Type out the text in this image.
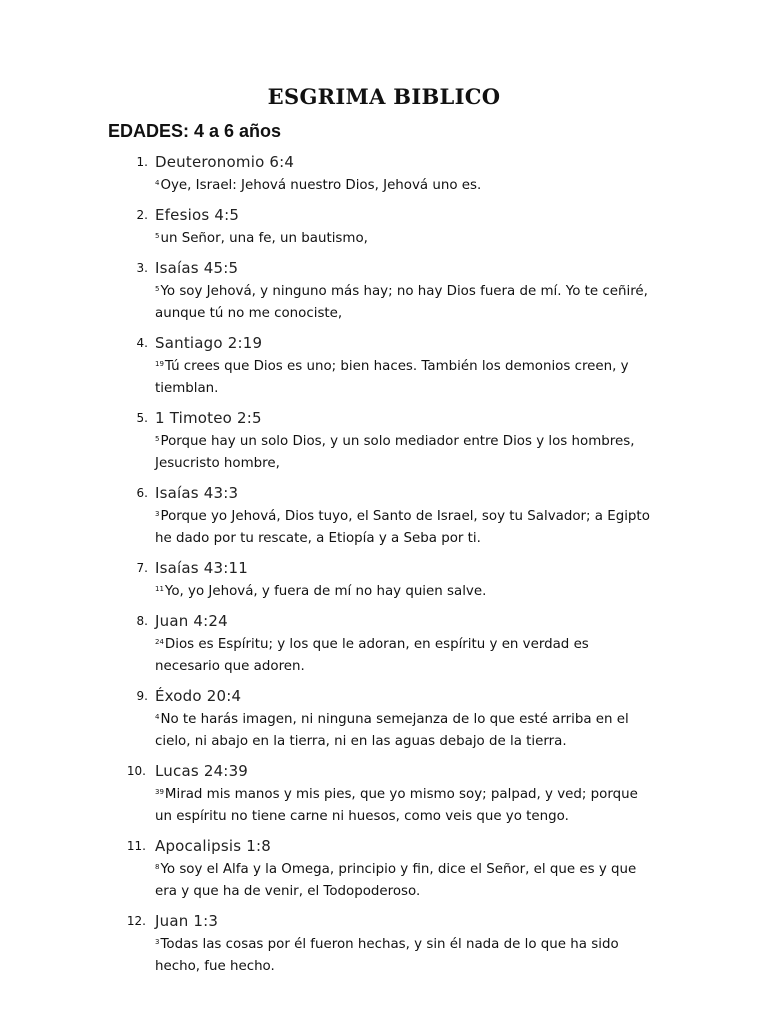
ESGRIMA BIBLICO
EDADES: 4 a 6 años
1. Deuteronomio 6:4
$^4$Oye, Israel: Jehová nuestro Dios, Jehová uno es.
2. Efesios 4:5
$^5$un Señor, una fe, un bautismo,
3. Isaías 45:5
$^5$Yo soy Jehová, y ninguno más hay; no hay Dios fuera de mí. Yo te ceñiré, aunque tú no me conociste,
4. Santiago 2:19
$^{19}$Tú crees que Dios es uno; bien haces. También los demonios creen, y tiemblan.
5. 1 Timoteo 2:5
$^5$Porque hay un solo Dios, y un solo mediador entre Dios y los hombres, Jesucristo hombre,
6. Isaías 43:3
$^3$Porque yo Jehová, Dios tuyo, el Santo de Israel, soy tu Salvador; a Egipto he dado por tu rescate, a Etiopía y a Seba por ti.
7. Isaías 43:11
$^{11}$Yo, yo Jehová, y fuera de mí no hay quien salve.
8. Juan 4:24
$^{24}$Dios es Espíritu; y los que le adoran, en espíritu y en verdad es necesario que adoren.
9. Éxodo 20:4
$^4$No te harás imagen, ni ninguna semejanza de lo que esté arriba en el cielo, ni abajo en la tierra, ni en las aguas debajo de la tierra.
10. Lucas 24:39
$^{39}$Mirad mis manos y mis pies, que yo mismo soy; palpad, y ved; porque un espíritu no tiene carne ni huesos, como veis que yo tengo.
11. Apocalipsis 1:8
$^8$Yo soy el Alfa y la Omega, principio y fin, dice el Señor, el que es y que era y que ha de venir, el Todopoderoso.
12. Juan 1:3
$^3$Todas las cosas por él fueron hechas, y sin él nada de lo que ha sido hecho, fue hecho.
